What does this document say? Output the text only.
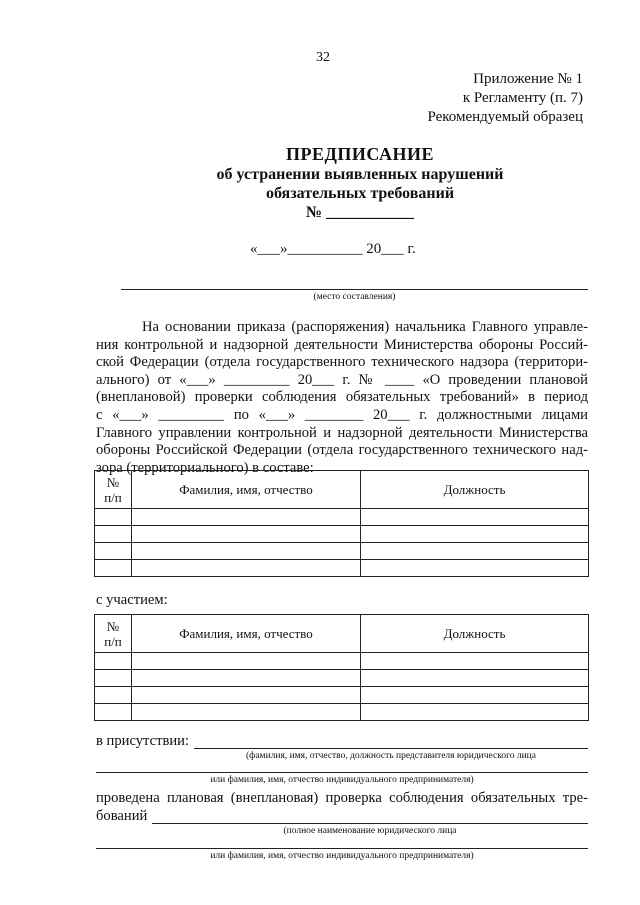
32
Приложение № 1
к Регламенту (п. 7)
Рекомендуемый образец
ПРЕДПИСАНИЕ
об устранении выявленных нарушений
обязательных требований
№ ___________
«___»__________ 20___ г.
(место составления)
На основании приказа (распоряжения) начальника Главного управле-
ния контрольной и надзорной деятельности Министерства обороны Россий-
ской Федерации (отдела государственного технического надзора (территори-
ального) от «___» _________ 20___ г. № ____ «О проведении плановой
(внеплановой) проверки соблюдения обязательных требований» в период
с «___» _________ по «___» ________ 20___ г. должностными лицами
Главного управлении контрольной и надзорной деятельности Министерства
обороны Российской Федерации (отдела государственного технического над-
зора (территориального) в составе:
№
п/п	Фамилия, имя, отчество	Должность

с участием:
№
п/п	Фамилия, имя, отчество	Должность

в присутствии:
(фамилия, имя, отчество, должность представителя юридического лица
или фамилия, имя, отчество индивидуального предпринимателя)
проведена плановая (внеплановая) проверка соблюдения обязательных тре-
бований
(полное наименование юридического лица
или фамилия, имя, отчество индивидуального предпринимателя)
